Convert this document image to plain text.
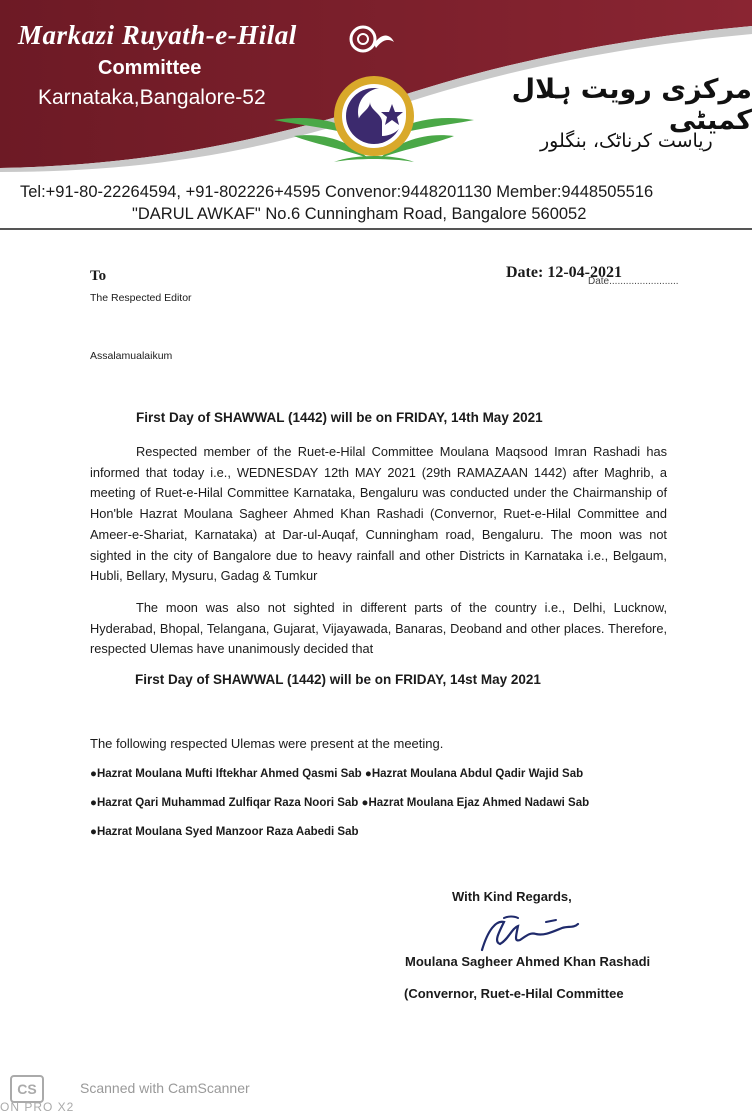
Markazi Ruyath-e-Hilal
Committee
Karnataka,Bangalore-52	مرکزی رویت ہلال کمیٹی
ریاست کرناٹک، بنگلور
Tel:+91-80-22264594, +91-802226+4595 Convenor:9448201130 Member:9448505516
"DARUL AWKAF" No.6 Cunningham Road, Bangalore 560052
To
The Respected Editor
Date.........................
Date: 12-04-2021
Assalamualaikum
First Day of SHAWWAL (1442) will be on FRIDAY, 14th May 2021
Respected member of the Ruet-e-Hilal Committee Moulana Maqsood Imran Rashadi has informed that today i.e., WEDNESDAY 12th MAY 2021 (29th RAMAZAAN 1442) after Maghrib, a meeting of Ruet-e-Hilal Committee Karnataka, Bengaluru was conducted under the Chairmanship of Hon'ble Hazrat Moulana Sagheer Ahmed Khan Rashadi (Convernor, Ruet-e-Hilal Committee and Ameer-e-Shariat, Karnataka) at Dar-ul-Auqaf, Cunningham road, Bengaluru. The moon was not sighted in the city of Bangalore due to heavy rainfall and other Districts in Karnataka i.e., Belgaum, Hubli, Bellary, Mysuru, Gadag & Tumkur
The moon was also not sighted in different parts of the country i.e., Delhi, Lucknow, Hyderabad, Bhopal, Telangana, Gujarat, Vijayawada, Banaras, Deoband and other places. Therefore, respected Ulemas have unanimously decided that
First Day of SHAWWAL (1442) will be on FRIDAY, 14st May 2021
The following respected Ulemas were present at the meeting.
●Hazrat Moulana Mufti Iftekhar Ahmed Qasmi Sab ●Hazrat Moulana Abdul Qadir Wajid Sab
●Hazrat Qari Muhammad Zulfiqar Raza Noori Sab ●Hazrat Moulana Ejaz Ahmed Nadawi Sab
●Hazrat Moulana Syed Manzoor Raza Aabedi Sab
With Kind Regards,
Moulana Sagheer Ahmed Khan Rashadi
(Convernor, Ruet-e-Hilal Committee
CS	Scanned with CamScanner
ON PRO X2
